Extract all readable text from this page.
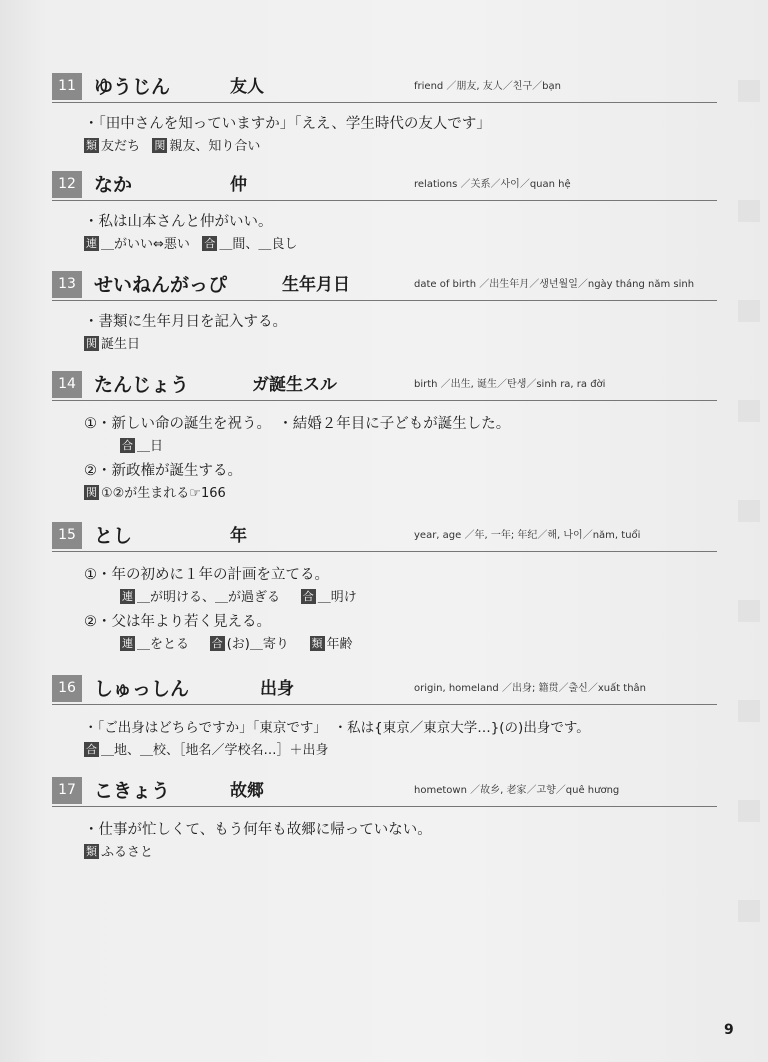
11 ゆうじん	友人	friend ／朋友, 友人／친구／bạn
・「田中さんを知っていますか」「ええ、学生時代の友人です」
類 友だち 関 親友、知り合い
12 なか	仲	relations ／关系／사이／quan hệ
・私は山本さんと仲がいい。
連 ＿がいい⇔悪い 合 ＿間、＿良し
13 せいねんがっぴ	生年月日	date of birth ／出生年月／생년월일／ngày tháng năm sinh
・書類に生年月日を記入する。
関 誕生日
14 たんじょう	ガ誕生スル	birth ／出生, 诞生／탄생／sinh ra, ra đời
①・新しい命の誕生を祝う。　・結婚２年目に子どもが誕生した。
合 ＿日
②・新政権が誕生する。
関 ①②が生まれる☞166
15 とし	年	year, age ／年, 一年; 年纪／해, 나이／năm, tuổi
①・年の初めに１年の計画を立てる。
連 ＿が明ける、＿が過ぎる 合 ＿明け
②・父は年より若く見える。
連 ＿をとる 合 (お)＿寄り 類 年齢
16 しゅっしん	出身	origin, homeland ／出身; 籍贯／출신／xuất thân
・「ご出身はどちらですか」「東京です」　・私は{東京／東京大学…}(の)出身です。
合 ＿地、＿校、［地名／学校名…］＋出身
17 こきょう	故郷	hometown ／故乡, 老家／고향／quê hương
・仕事が忙しくて、もう何年も故郷に帰っていない。
類 ふるさと
9
